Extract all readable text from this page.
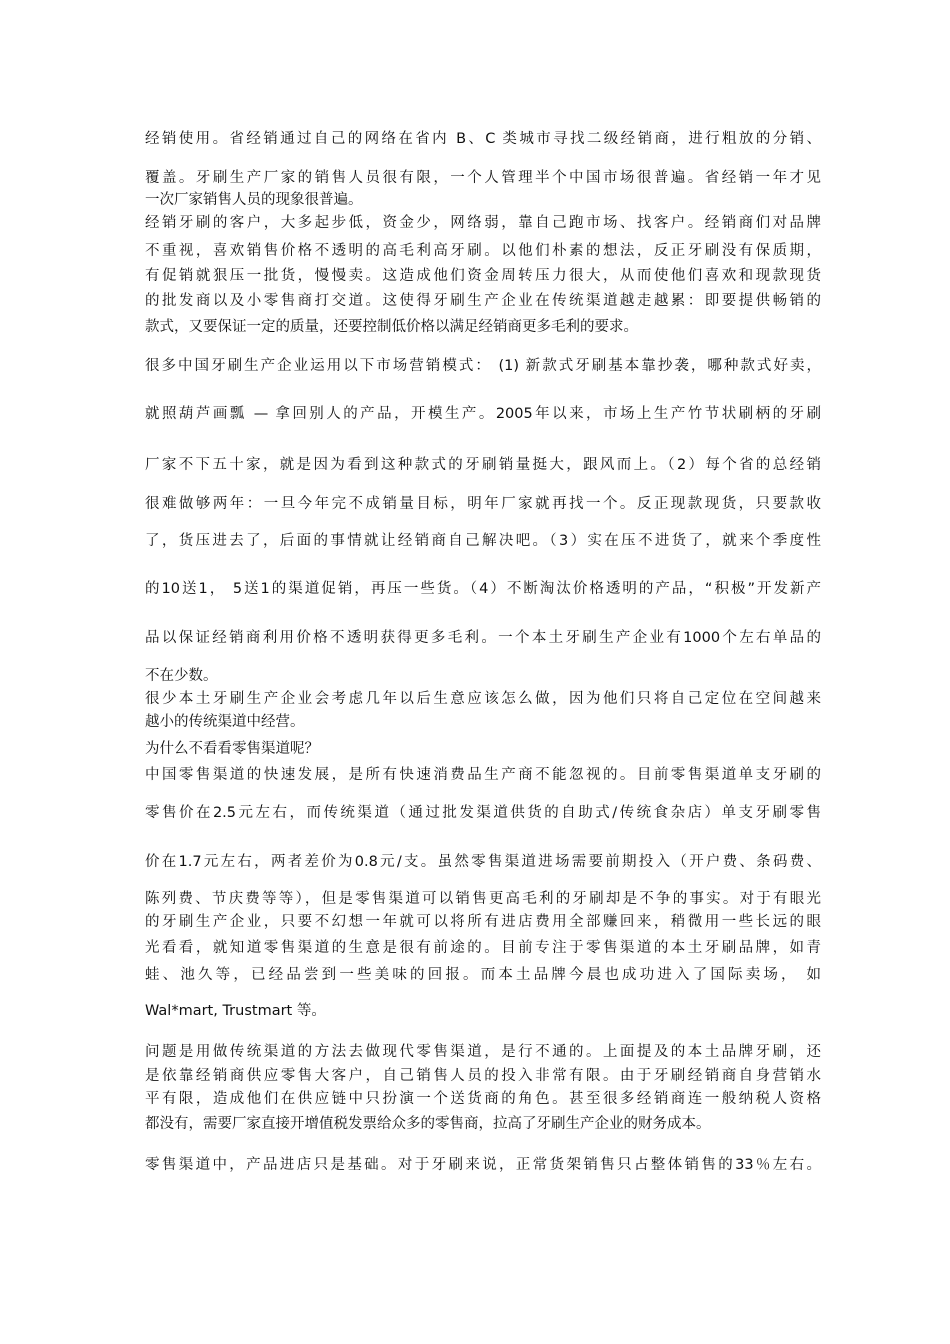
经销使用。省经销通过自己的网络在省内 B、C 类城市寻找二级经销商，进行粗放的分销、
覆盖。牙刷生产厂家的销售人员很有限，一个人管理半个中国市场很普遍。省经销一年才见
一次厂家销售人员的现象很普遍。
经销牙刷的客户，大多起步低，资金少，网络弱，靠自己跑市场、找客户。经销商们对品牌
不重视，喜欢销售价格不透明的高毛利高牙刷。以他们朴素的想法，反正牙刷没有保质期，
有促销就狠压一批货，慢慢卖。这造成他们资金周转压力很大，从而使他们喜欢和现款现货
的批发商以及小零售商打交道。这使得牙刷生产企业在传统渠道越走越累：即要提供畅销的
款式，又要保证一定的质量，还要控制低价格以满足经销商更多毛利的要求。
很多中国牙刷生产企业运用以下市场营销模式： (1) 新款式牙刷基本靠抄袭，哪种款式好卖，
就照葫芦画瓢 — 拿回别人的产品，开模生产。2005年以来，市场上生产竹节状刷柄的牙刷
厂家不下五十家，就是因为看到这种款式的牙刷销量挺大，跟风而上。（2）每个省的总经销
很难做够两年：一旦今年完不成销量目标，明年厂家就再找一个。反正现款现货，只要款收
了，货压进去了，后面的事情就让经销商自己解决吧。（3）实在压不进货了，就来个季度性
的10送1， 5送1的渠道促销，再压一些货。（4）不断淘汰价格透明的产品，“积极”开发新产
品以保证经销商利用价格不透明获得更多毛利。一个本土牙刷生产企业有1000个左右单品的
不在少数。
很少本土牙刷生产企业会考虑几年以后生意应该怎么做，因为他们只将自己定位在空间越来
越小的传统渠道中经营。
为什么不看看零售渠道呢？
中国零售渠道的快速发展，是所有快速消费品生产商不能忽视的。目前零售渠道单支牙刷的
零售价在2.5元左右，而传统渠道（通过批发渠道供货的自助式/传统食杂店）单支牙刷零售
价在1.7元左右，两者差价为0.8元/支。虽然零售渠道进场需要前期投入（开户费、条码费、
陈列费、节庆费等等），但是零售渠道可以销售更高毛利的牙刷却是不争的事实。对于有眼光
的牙刷生产企业，只要不幻想一年就可以将所有进店费用全部赚回来，稍微用一些长远的眼
光看看，就知道零售渠道的生意是很有前途的。目前专注于零售渠道的本土牙刷品牌，如青
蛙、池久等，已经品尝到一些美味的回报。而本土品牌今晨也成功进入了国际卖场， 如
Wal*mart, Trustmart 等。
问题是用做传统渠道的方法去做现代零售渠道，是行不通的。上面提及的本土品牌牙刷，还
是依靠经销商供应零售大客户，自己销售人员的投入非常有限。由于牙刷经销商自身营销水
平有限，造成他们在供应链中只扮演一个送货商的角色。甚至很多经销商连一般纳税人资格
都没有，需要厂家直接开增值税发票给众多的零售商，拉高了牙刷生产企业的财务成本。
零售渠道中，产品进店只是基础。对于牙刷来说，正常货架销售只占整体销售的33％左右。
